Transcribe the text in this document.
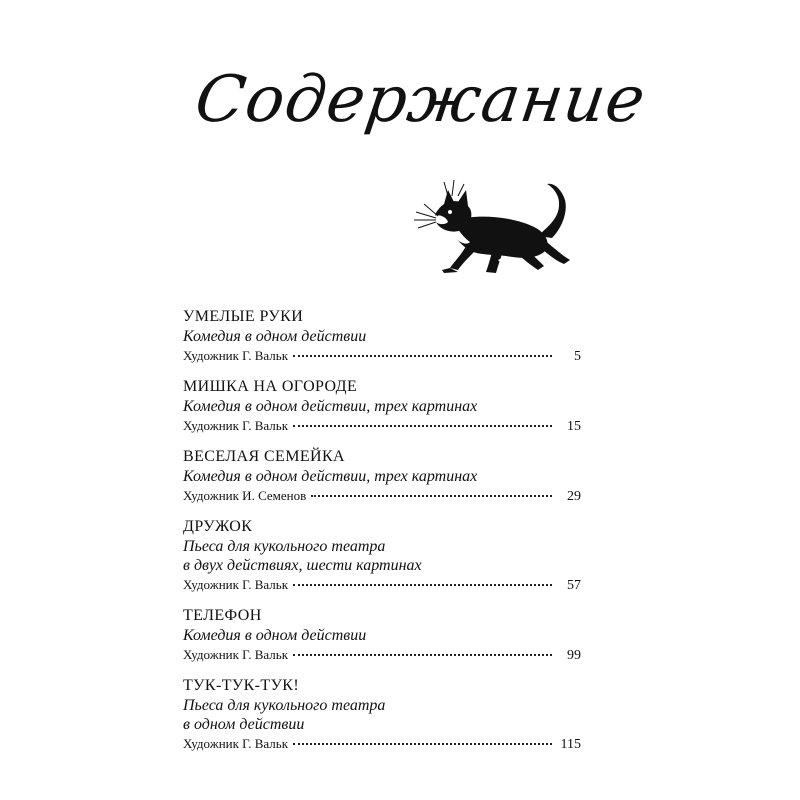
Содержание
УМЕЛЫЕ РУКИ
Комедия в одном действии
Художник Г. Вальк	5
МИШКА НА ОГОРОДЕ
Комедия в одном действии, трех картинах
Художник Г. Вальк	15
ВЕСЕЛАЯ СЕМЕЙКА
Комедия в одном действии, трех картинах
Художник И. Семенов	29
ДРУЖОК
Пьеса для кукольного театра
в двух действиях, шести картинах
Художник Г. Вальк	57
ТЕЛЕФОН
Комедия в одном действии
Художник Г. Вальк	99
ТУК-ТУК-ТУК!
Пьеса для кукольного театра
в одном действии
Художник Г. Вальк	115
